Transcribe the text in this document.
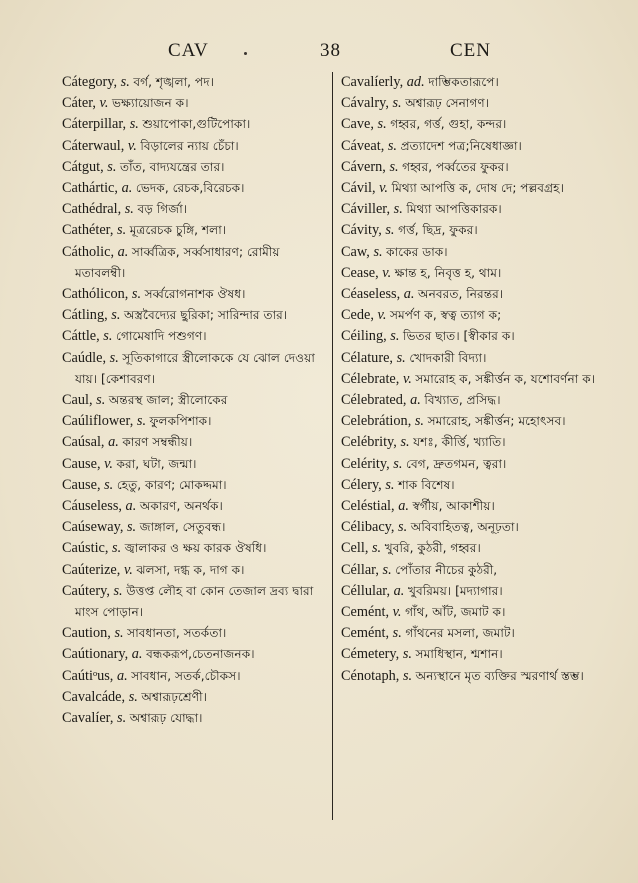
CAV	38	CEN

Cátegory, s. বর্গ, শৃঙ্খলা, পদ।

Cáter, v. ভক্ষ্যায়োজন ক।

Cáterpillar, s. শুয়াপোকা,গুটিপোকা।

Cáterwaul, v. বিড়ালের ন্যায় চেঁচা।

Cátgut, s. তাঁত, বাদ্যযন্ত্রের তার।

Cathártic, a. ভেদক, রেচক,বিরেচক।

Cathédral, s. বড় গির্জা।

Cathéter, s. মূত্ররেচক চুঙ্গি, শলা।

Cátholic, a. সার্ব্বত্রিক, সর্ব্বসাধারণ; রোমীয় মতাবলম্বী।

Cathólicon, s. সর্ব্বরোগনাশক ঔষধ।

Cátling, s. অস্ত্রবৈদ্যের ছুরিকা; সারিন্দার তার।

Cáttle, s. গোমেষাদি পশুগণ।

Caúdle, s. সূতিকাগারে স্ত্রীলোককে যে ঝোল দেওয়া যায়। [কেশাবরণ।

Caul, s. অন্তরস্থ জাল; স্ত্রীলোকের

Caúliflower, s. ফুলকপিশাক।

Caúsal, a. কারণ সম্বন্ধীয়।

Cause, v. করা, ঘটা, জন্মা।

Cause, s. হেতু, কারণ; মোকদ্দমা।

Cáuseless, a. অকারণ, অনর্থক।

Caúseway, s. জাঙ্গাল, সেতুবন্ধ।

Caústic, s. জ্বালাকর ও ক্ষয় কারক ঔষধি।

Caúterize, v. ঝলসা, দগ্ধ ক, দাগ ক।

Caútery, s. উত্তপ্ত লৌহ বা কোন তেজাল দ্রব্য দ্বারা মাংস পোড়ান।

Caution, s. সাবধানতা, সতর্কতা।

Caútionary, a. বন্ধকরূপ,চেতনাজনক।

Caútiᵒus, a. সাবধান, সতর্ক,চৌকস।

Cavalcáde, s. অশ্বারূঢ়শ্রেণী।

Cavalíer, s. অশ্বারূঢ় যোদ্ধা।

Cavalíerly, ad. দাম্ভিকতারূপে।

Cávalry, s. অশ্বারূঢ় সেনাগণ।

Cave, s. গহ্বর, গর্ত্ত, গুহা, কন্দর।

Cáveat, s. প্রত্যাদেশ পত্র;নিষেধাজ্ঞা।

Cávern, s. গহ্বর, পর্ব্বতের ফুকর।

Cávil, v. মিথ্যা আপত্তি ক, দোষ দে; পল্লবগ্রহ।

Cáviller, s. মিথ্যা আপত্তিকারক।

Cávity, s. গর্ত্ত, ছিদ্র, ফুকর।

Caw, s. কাকের ডাক।

Cease, v. ক্ষান্ত হ, নিবৃত্ত হ, থাম।

Céaseless, a. অনবরত, নিরন্তর।

Cede, v. সমর্পণ ক, স্বত্ব ত্যাগ ক;

Céiling, s. ভিতর ছাত। [স্বীকার ক।

Célature, s. খোদকারী বিদ্যা।

Célebrate, v. সমারোহ ক, সঙ্কীর্ত্তন ক, যশোবর্ণনা ক।

Célebrated, a. বিখ্যাত, প্রসিদ্ধ।

Celebrátion, s. সমারোহ, সঙ্কীর্ত্তন; মহোৎসব।

Celébrity, s. যশঃ, কীর্ত্তি, খ্যাতি।

Celérity, s. বেগ, দ্রুতগমন, ত্বরা।

Célery, s. শাক বিশেষ।

Celéstial, a. স্বর্গীয়, আকাশীয়।

Célibacy, s. অবিবাহিতত্ব, অনূঢ়তা।

Cell, s. খুবরি, কুঠরী, গহ্বর।

Céllar, s. পোঁতার নীচের কুঠরী,

Céllular, a. খুবরিময়। [মদ্যাগার।

Cemént, v. গাঁথ, আঁট, জমাট ক।

Cemént, s. গাঁথনের মসলা, জমাট।

Cémetery, s. সমাধিস্থান, শ্মশান।

Cénotaph, s. অন্যস্থানে মৃত ব্যক্তির স্মরণার্থ স্তম্ভ।
